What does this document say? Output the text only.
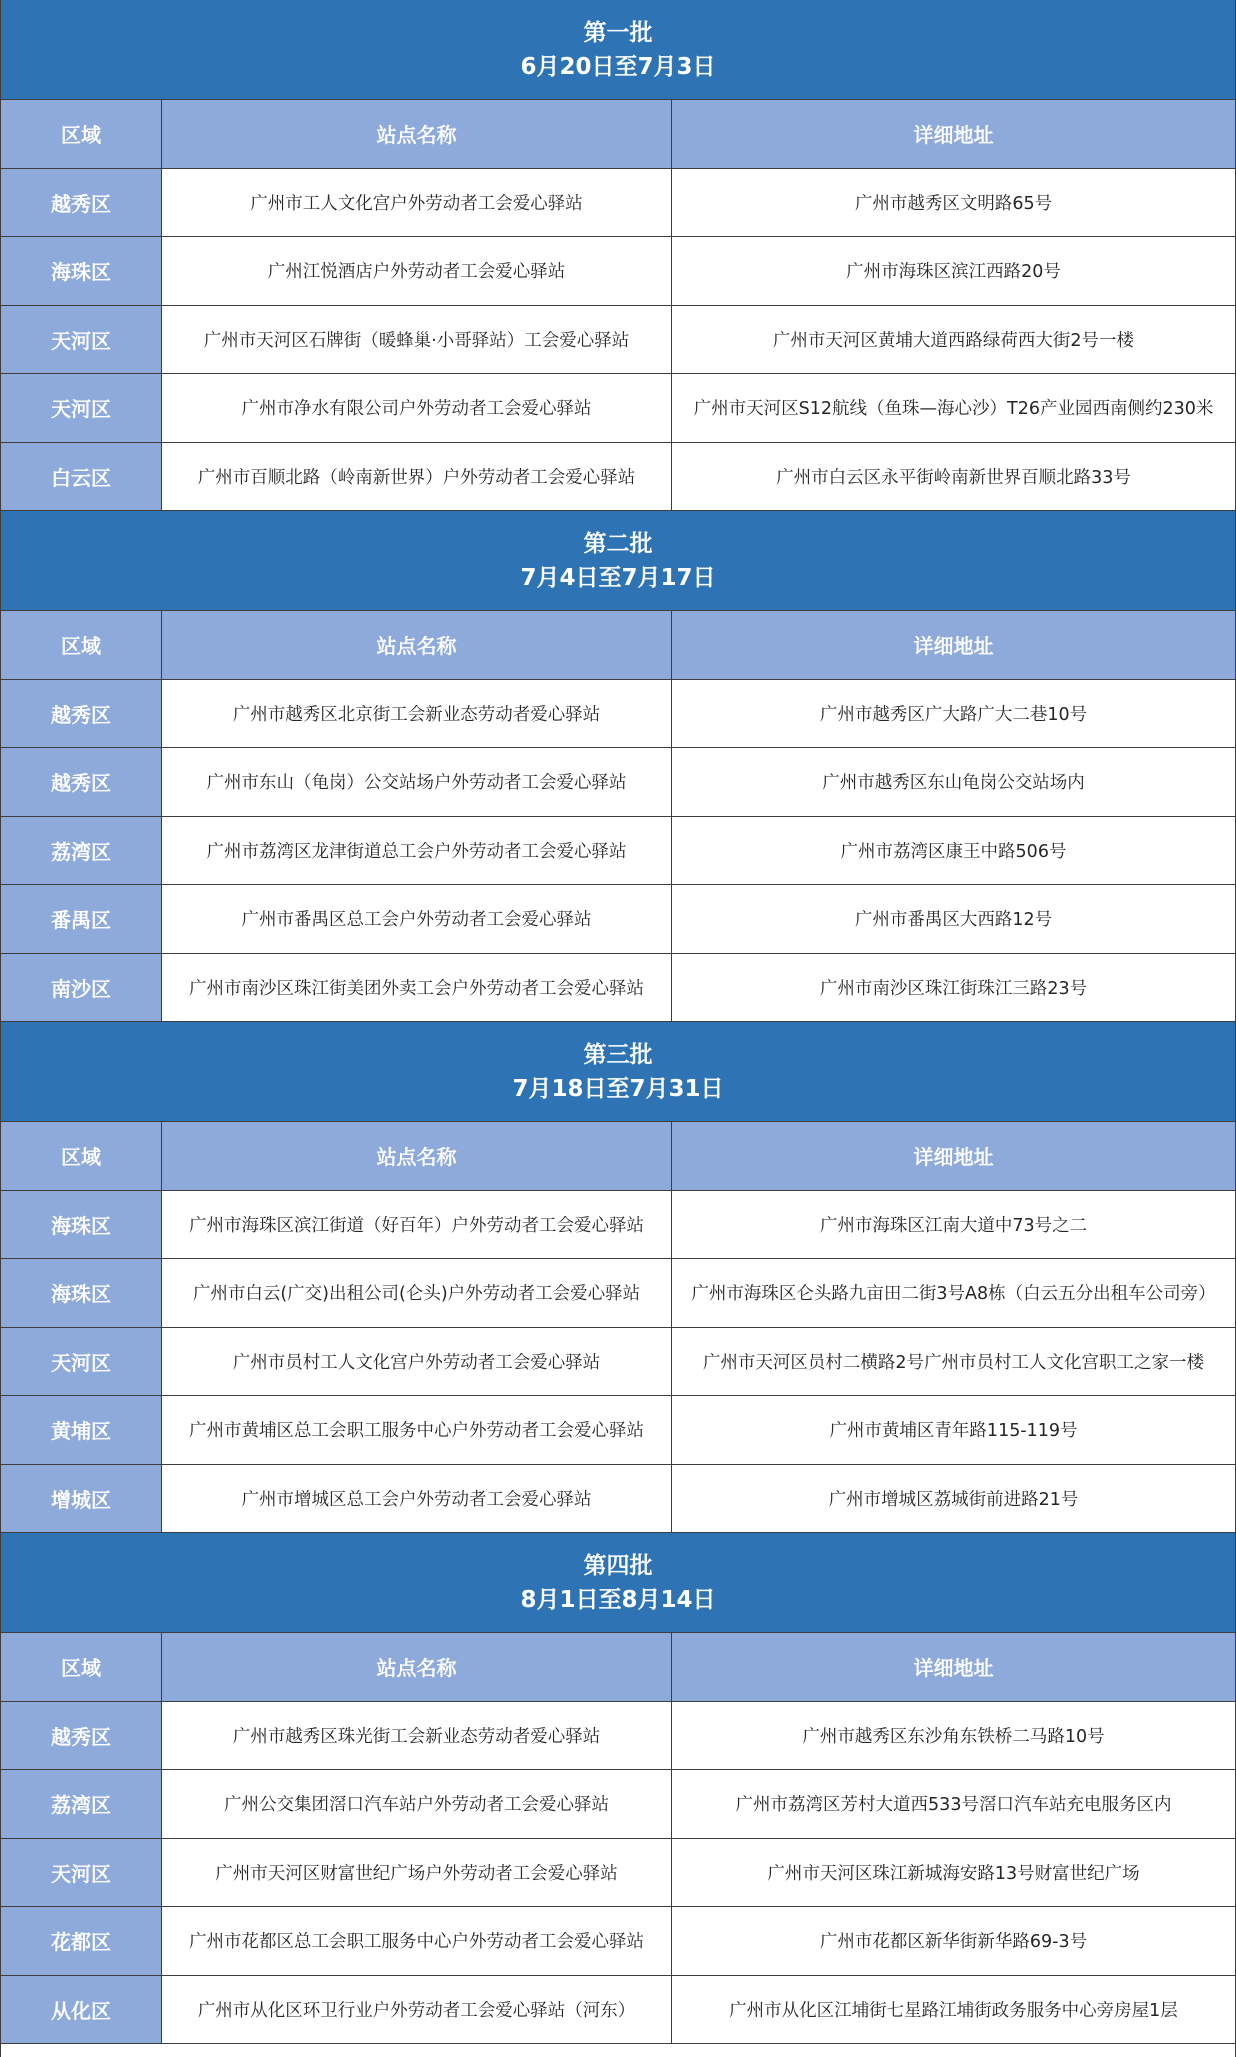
第一批
6月20日至7月3日
区域	站点名称	详细地址
越秀区	广州市工人文化宫户外劳动者工会爱心驿站	广州市越秀区文明路65号
海珠区	广州江悦酒店户外劳动者工会爱心驿站	广州市海珠区滨江西路20号
天河区	广州市天河区石牌街（暖蜂巢·小哥驿站）工会爱心驿站	广州市天河区黄埔大道西路绿荷西大街2号一楼
天河区	广州市净水有限公司户外劳动者工会爱心驿站	广州市天河区S12航线（鱼珠—海心沙）T26产业园西南侧约230米
白云区	广州市百顺北路（岭南新世界）户外劳动者工会爱心驿站	广州市白云区永平街岭南新世界百顺北路33号
第二批
7月4日至7月17日
区域	站点名称	详细地址
越秀区	广州市越秀区北京街工会新业态劳动者爱心驿站	广州市越秀区广大路广大二巷10号
越秀区	广州市东山（龟岗）公交站场户外劳动者工会爱心驿站	广州市越秀区东山龟岗公交站场内
荔湾区	广州市荔湾区龙津街道总工会户外劳动者工会爱心驿站	广州市荔湾区康王中路506号
番禺区	广州市番禺区总工会户外劳动者工会爱心驿站	广州市番禺区大西路12号
南沙区	广州市南沙区珠江街美团外卖工会户外劳动者工会爱心驿站	广州市南沙区珠江街珠江三路23号
第三批
7月18日至7月31日
区域	站点名称	详细地址
海珠区	广州市海珠区滨江街道（好百年）户外劳动者工会爱心驿站	广州市海珠区江南大道中73号之二
海珠区	广州市白云(广交)出租公司(仑头)户外劳动者工会爱心驿站	广州市海珠区仑头路九亩田二街3号A8栋（白云五分出租车公司旁）
天河区	广州市员村工人文化宫户外劳动者工会爱心驿站	广州市天河区员村二横路2号广州市员村工人文化宫职工之家一楼
黄埔区	广州市黄埔区总工会职工服务中心户外劳动者工会爱心驿站	广州市黄埔区青年路115-119号
增城区	广州市增城区总工会户外劳动者工会爱心驿站	广州市增城区荔城街前进路21号
第四批
8月1日至8月14日
区域	站点名称	详细地址
越秀区	广州市越秀区珠光街工会新业态劳动者爱心驿站	广州市越秀区东沙角东铁桥二马路10号
荔湾区	广州公交集团滘口汽车站户外劳动者工会爱心驿站	广州市荔湾区芳村大道西533号滘口汽车站充电服务区内
天河区	广州市天河区财富世纪广场户外劳动者工会爱心驿站	广州市天河区珠江新城海安路13号财富世纪广场
花都区	广州市花都区总工会职工服务中心户外劳动者工会爱心驿站	广州市花都区新华街新华路69-3号
从化区	广州市从化区环卫行业户外劳动者工会爱心驿站（河东）	广州市从化区江埔街七星路江埔街政务服务中心旁房屋1层
